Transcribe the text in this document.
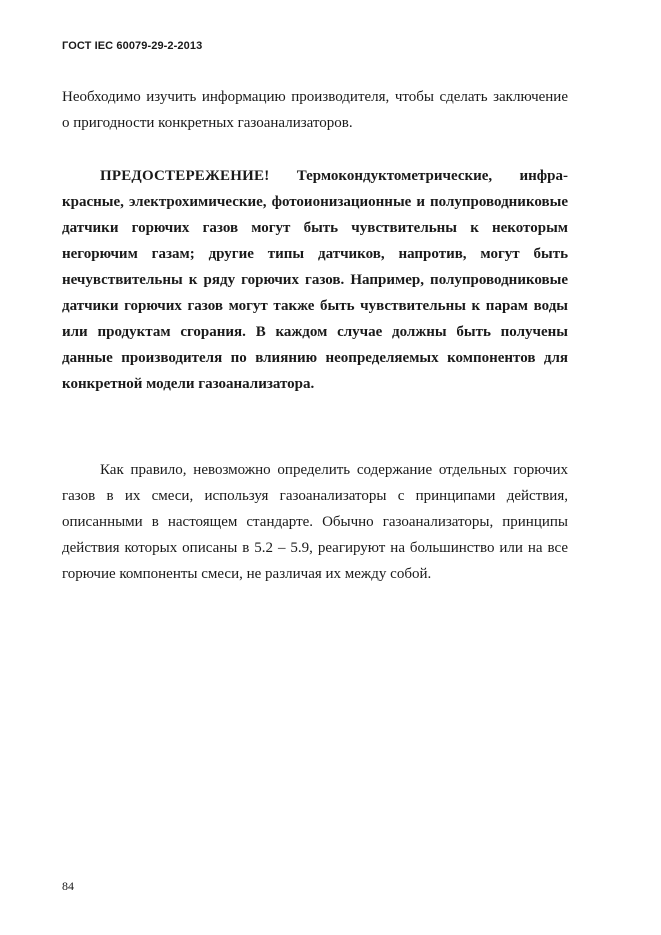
ГОСТ IEC 60079-29-2-2013

Необходимо изучить информацию производителя, чтобы сделать заключение о пригодности конкретных газоанализаторов.

ПРЕДОСТЕРЕЖЕНИЕ! Термокондуктометрические, инфра-красные, электрохимические, фотоионизационные и полупроводниковые датчики горючих газов могут быть чувствительны к некоторым негорючим газам; другие типы датчиков, напротив, могут быть нечувствительны к ряду горючих газов. Например, полупроводниковые датчики горючих газов могут также быть чувствительны к парам воды или продуктам сгорания. В каждом случае должны быть получены данные производителя по влиянию неопределяемых компонентов для конкретной модели газоанализатора.

Как правило, невозможно определить содержание отдельных горючих газов в их смеси, используя газоанализаторы с принципами действия, описанными в настоящем стандарте. Обычно газоанализаторы, принципы действия которых описаны в 5.2 – 5.9, реагируют на большинство или на все горючие компоненты смеси, не различая их между собой.

84
